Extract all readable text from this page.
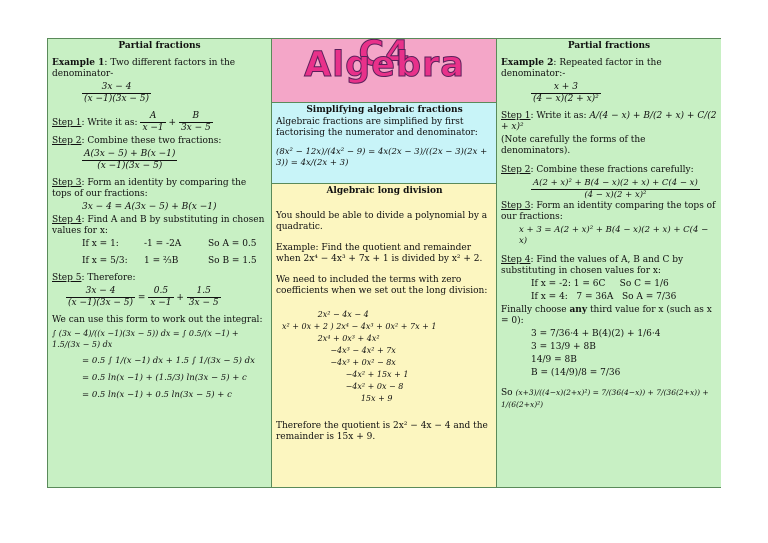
Partial fractions

Example 1: Two different factors in the denominator-

$\frac{3x - 4}{(x -1)(3x - 5)}$

Step 1: Write it as: $\frac{A}{x -1} + \frac{B}{3x - 5}$

Step 2: Combine these two fractions:

$\frac{A(3x - 5) + B(x -1)}{(x -1)(3x - 5)}$

Step 3: Form an identity by comparing the tops of our fractions:

3x − 4 = A(3x − 5) + B(x −1)

Step 4: Find A and B by substituting in chosen values for x:

If x = 1:	-1 = -2A	So A = 0.5
If x = 5/3:	1 = ⅔B	So B = 1.5

Step 5: Therefore:

$\frac{3x - 4}{(x -1)(3x - 5)} = \frac{0.5}{x -1} + \frac{1.5}{3x - 5}$

We can use this form to work out the integral:

∫ (3x − 4)/((x −1)(3x − 5)) dx = ∫ 0.5/(x −1) + 1.5/(3x − 5) dx

= 0.5 ∫ 1/(x −1) dx + 1.5 ∫ 1/(3x − 5) dx

= 0.5 ln(x −1) + (1.5/3) ln(3x − 5) + c

= 0.5 ln(x −1) + 0.5 ln(3x − 5) + c

C4 Algebra
Simplifying algebraic fractions

Algebraic fractions are simplified by first factorising the numerator and denominator:

(8x² − 12x)/(4x² − 9) = 4x(2x − 3)/((2x − 3)(2x + 3)) = 4x/(2x + 3)

Algebraic long division

You should be able to divide a polynomial by a quadratic.

Example: Find the quotient and remainder when 2x⁴ − 4x³ + 7x + 1 is divided by x² + 2.

We need to included the terms with zero coefficients when we set out the long division:

2x² − 4x − 4
x² + 0x + 2 ) 2x⁴ − 4x³ + 0x² + 7x + 1
2x⁴ + 0x³ + 4x²
−4x³ − 4x² + 7x
−4x³ + 0x² − 8x
−4x² + 15x + 1
−4x² + 0x − 8
15x + 9

Therefore the quotient is 2x² − 4x − 4 and the remainder is 15x + 9.

Partial fractions

Example 2: Repeated factor in the denominator:-

$\frac{x + 3}{\text{(4 − x)(2 + x)²}}$

Step 1: Write it as: A/(4 − x) + B/(2 + x) + C/(2 + x)²

(Note carefully the forms of the denominators).

Step 2: Combine these fractions carefully:

$\frac{\text{A(2 + x)² + B(4 − x)(2 + x) + C(4 − x)}}{\text{(4 − x)(2 + x)²}}$

Step 3: Form an identity comparing the tops of our fractions:

x + 3 = A(2 + x)² + B(4 − x)(2 + x) + C(4 − x)

Step 4: Find the values of A, B and C by substituting in chosen values for x:

If x = -2: 1 = 6C     So C = 1/6

If x = 4:   7 = 36A   So A = 7/36

Finally choose any third value for x (such as x = 0):

3 = 7/36·4 + B(4)(2) + 1/6·4

3 = 13/9 + 8B

14/9 = 8B

B = (14/9)/8 = 7/36

So (x+3)/((4−x)(2+x)²) = 7/(36(4−x)) + 7/(36(2+x)) + 1/(6(2+x)²)
